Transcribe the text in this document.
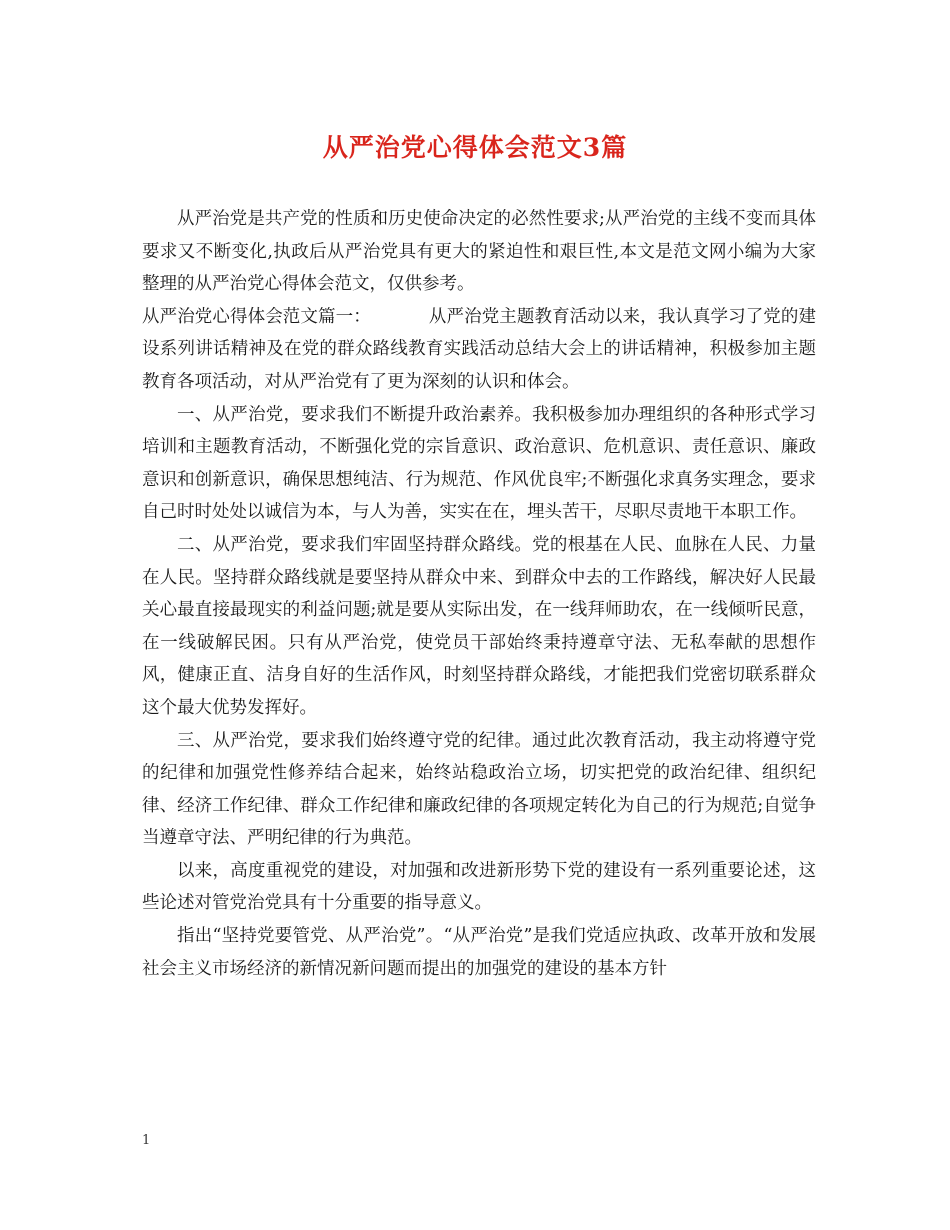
从严治党心得体会范文3篇

从严治党是共产党的性质和历史使命决定的必然性要求;从严治党的主线不变而具体要求又不断变化,执政后从严治党具有更大的紧迫性和艰巨性,本文是范文网小编为大家整理的从严治党心得体会范文，仅供参考。

从严治党心得体会范文篇一：	从严治党主题教育活动以来，我认真学习了党的建设系列讲话精神及在党的群众路线教育实践活动总结大会上的讲话精神，积极参加主题教育各项活动，对从严治党有了更为深刻的认识和体会。

一、从严治党，要求我们不断提升政治素养。我积极参加办理组织的各种形式学习培训和主题教育活动，不断强化党的宗旨意识、政治意识、危机意识、责任意识、廉政意识和创新意识，确保思想纯洁、行为规范、作风优良牢;不断强化求真务实理念，要求自己时时处处以诚信为本，与人为善，实实在在，埋头苦干，尽职尽责地干本职工作。

二、从严治党，要求我们牢固坚持群众路线。党的根基在人民、血脉在人民、力量在人民。坚持群众路线就是要坚持从群众中来、到群众中去的工作路线，解决好人民最关心最直接最现实的利益问题;就是要从实际出发，在一线拜师助农，在一线倾听民意，在一线破解民困。只有从严治党，使党员干部始终秉持遵章守法、无私奉献的思想作风，健康正直、洁身自好的生活作风，时刻坚持群众路线，才能把我们党密切联系群众这个最大优势发挥好。

三、从严治党，要求我们始终遵守党的纪律。通过此次教育活动，我主动将遵守党的纪律和加强党性修养结合起来，始终站稳政治立场，切实把党的政治纪律、组织纪律、经济工作纪律、群众工作纪律和廉政纪律的各项规定转化为自己的行为规范;自觉争当遵章守法、严明纪律的行为典范。

以来，高度重视党的建设，对加强和改进新形势下党的建设有一系列重要论述，这些论述对管党治党具有十分重要的指导意义。

指出“坚持党要管党、从严治党”。“从严治党”是我们党适应执政、改革开放和发展社会主义市场经济的新情况新问题而提出的加强党的建设的基本方针

1
